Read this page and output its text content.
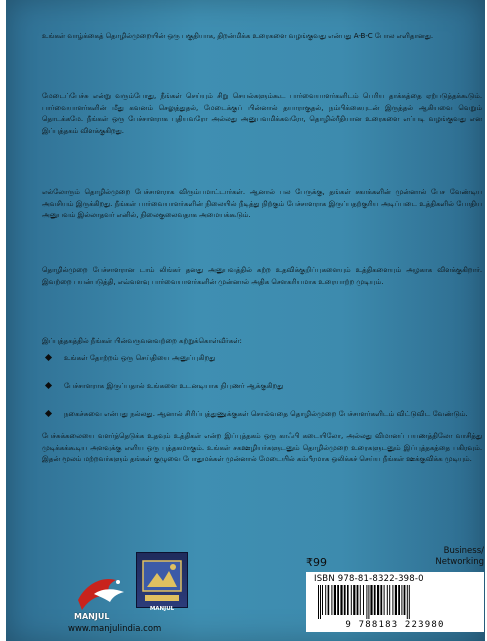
உங்கள் வாழ்க்கைத் தொழில்முறையின் ஒரு பகுதியாக, திறன்மிக்க உரைகளை வழங்குவது என்பது A-B-C போல எளிதானது.
மேடைப்பேச்சு என்று வரும்போது, நீங்கள் செய்யும் சிறு செயல்களும்கூட பார்வையாளர்களிடம் பெரிய தாக்கத்தை ஏற்படுத்தக்கூடும். பார்வையாளர்களின் மீது கவனம் செலுத்துதல், மேடைக்குப் பின்னால் தயாராகுதல், நம்பிக்கையுடன் இருத்தல் ஆகியவை வெறும் தொடக்கமே. நீங்கள் ஒரு பேச்சாளராக புதியவரோ அல்லது அனுபவமிக்கவரோ, தொழில்ரீதியான உரைகளை எப்படி வழங்குவது என இப்புத்தகம் விளக்குகிறது.
எல்லோரும் தொழில்முறை பேச்சாளராக விரும்பமாட்டார்கள். ஆனால் பல பேருக்கு, தங்கள் சகாக்களின் முன்னால் பேச வேண்டிய அவசியம் இருக்கிறது. நீங்கள் பார்வையாளர்களின் நிலையில் நீடித்து நிற்கும் பேச்சாளராக இருப்பதற்குரிய அடிப்படை உத்திகளில் போதிய அனுபவம் இல்லாதவர் எனில், நிலைகுலைவதாக அமையக்கூடும்.
தொழில்முறை பேச்சாளரான டாம் லிங்கர் தனது அனுபவத்தில் கற்ற உதவிக்குறிப்புகளையும் உத்திகளையும் அழகாக விளக்குகிறார். இவற்றை பயன்படுத்தி, எவ்வளவு பார்வையாளர்களின் முன்னால் அதிக சௌகரியமாக உரையாற்ற முடியும்.
இப்புத்தகத்தில் நீங்கள் பின்வருவனவற்றை கற்றுக்கொள்வீர்கள்:
உங்கள் தோற்றம் ஒரு செய்தியை அனுப்புகிறது
பேச்சாளராக இருப்பதால் உங்களை உடனடியாக நிபுணர் ஆக்குகிறது
நகைச்சுவை என்பது நல்லது. ஆனால் சிரிப்புத்துணுக்குகள் சொல்வதை தொழில்முறை பேச்சாளர்களிடம் விட்டுவிட வேண்டும்.
பேச்சுக்கலையை வளர்த்தெடுக்க உதவும் உத்திகள் என்ற இப்புத்தகம் ஒரு காஃபி கடையிலோ, அல்லது விமானப் பயணத்திலோ வாசித்து முடிக்கக்கூடிய அளவுக்கு எளிய ஒரு புத்தகமாகும். உங்கள் சகஊழியர்களுடனும் தொழில்முறை உரைகளுடனும் இப்புத்தகத்தை பகிரவும். இதன் மூலம் மற்றவர்களும் தங்கள் குழுவை போதுமக்கள் முன்னால் மேடையில் கம்பீரமாக ஒலிக்கச் செய்ய நீங்கள் ஊக்குவிக்க முடியும்.
Business/ Networking
₹99
ISBN 978-81-8322-398-0
9 788183 223980
MANJUL
www.manjulindia.com
MANJUL
